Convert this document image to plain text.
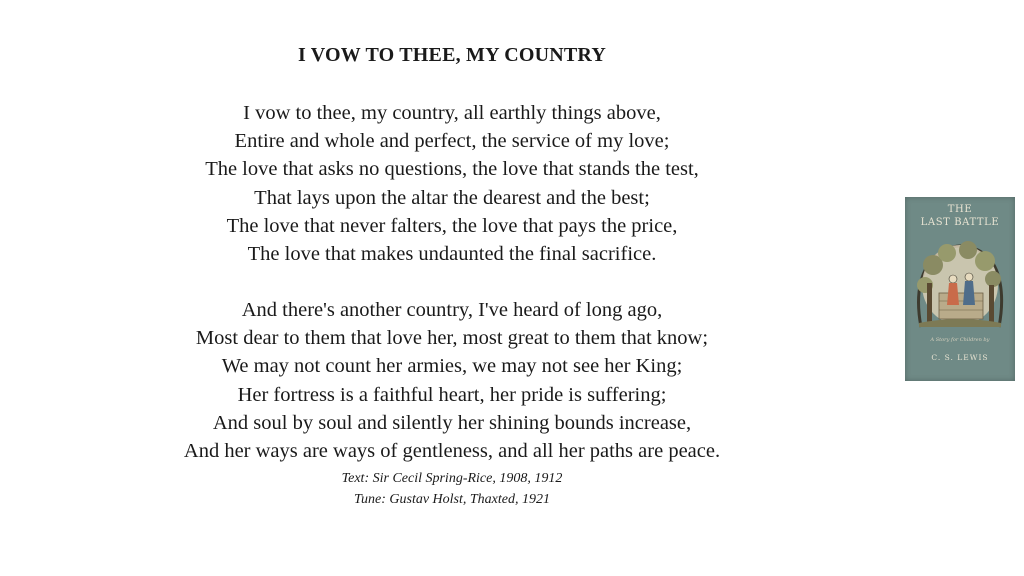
I VOW TO THEE, MY COUNTRY
I vow to thee, my country, all earthly things above,
Entire and whole and perfect, the service of my love;
The love that asks no questions, the love that stands the test,
That lays upon the altar the dearest and the best;
The love that never falters, the love that pays the price,
The love that makes undaunted the final sacrifice.
And there's another country, I've heard of long ago,
Most dear to them that love her, most great to them that know;
We may not count her armies, we may not see her King;
Her fortress is a faithful heart, her pride is suffering;
And soul by soul and silently her shining bounds increase,
And her ways are ways of gentleness, and all her paths are peace.
Text: Sir Cecil Spring-Rice, 1908, 1912
Tune: Gustav Holst, Thaxted, 1921
THE
LAST BATTLE
A Story for Children by
C. S. LEWIS
